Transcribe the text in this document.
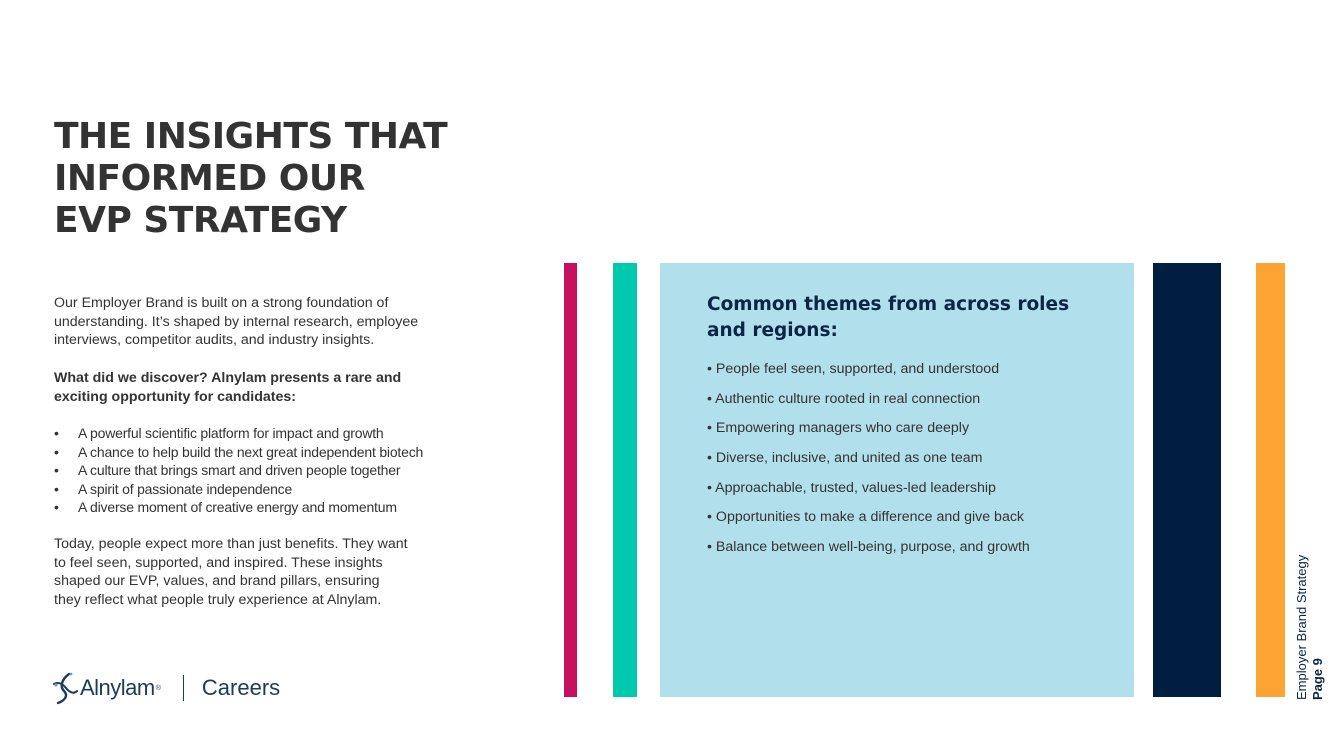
THE INSIGHTS THAT
INFORMED OUR
EVP STRATEGY

Our Employer Brand is built on a strong foundation of
understanding. It’s shaped by internal research, employee
interviews, competitor audits, and industry insights.

What did we discover? Alnylam presents a rare and
exciting opportunity for candidates:

• A powerful scientific platform for impact and growth
• A chance to help build the next great independent biotech
• A culture that brings smart and driven people together
• A spirit of passionate independence
• A diverse moment of creative energy and momentum

Today, people expect more than just benefits. They want
to feel seen, supported, and inspired. These insights
shaped our EVP, values, and brand pillars, ensuring
they reflect what people truly experience at Alnylam.

Alnylam ® Careers
Common themes from across roles
and regions:
• People feel seen, supported, and understood
• Authentic culture rooted in real connection
• Empowering managers who care deeply
• Diverse, inclusive, and united as one team
• Approachable, trusted, values-led leadership
• Opportunities to make a difference and give back
• Balance between well-being, purpose, and growth
Employer Brand Strategy Page 9
